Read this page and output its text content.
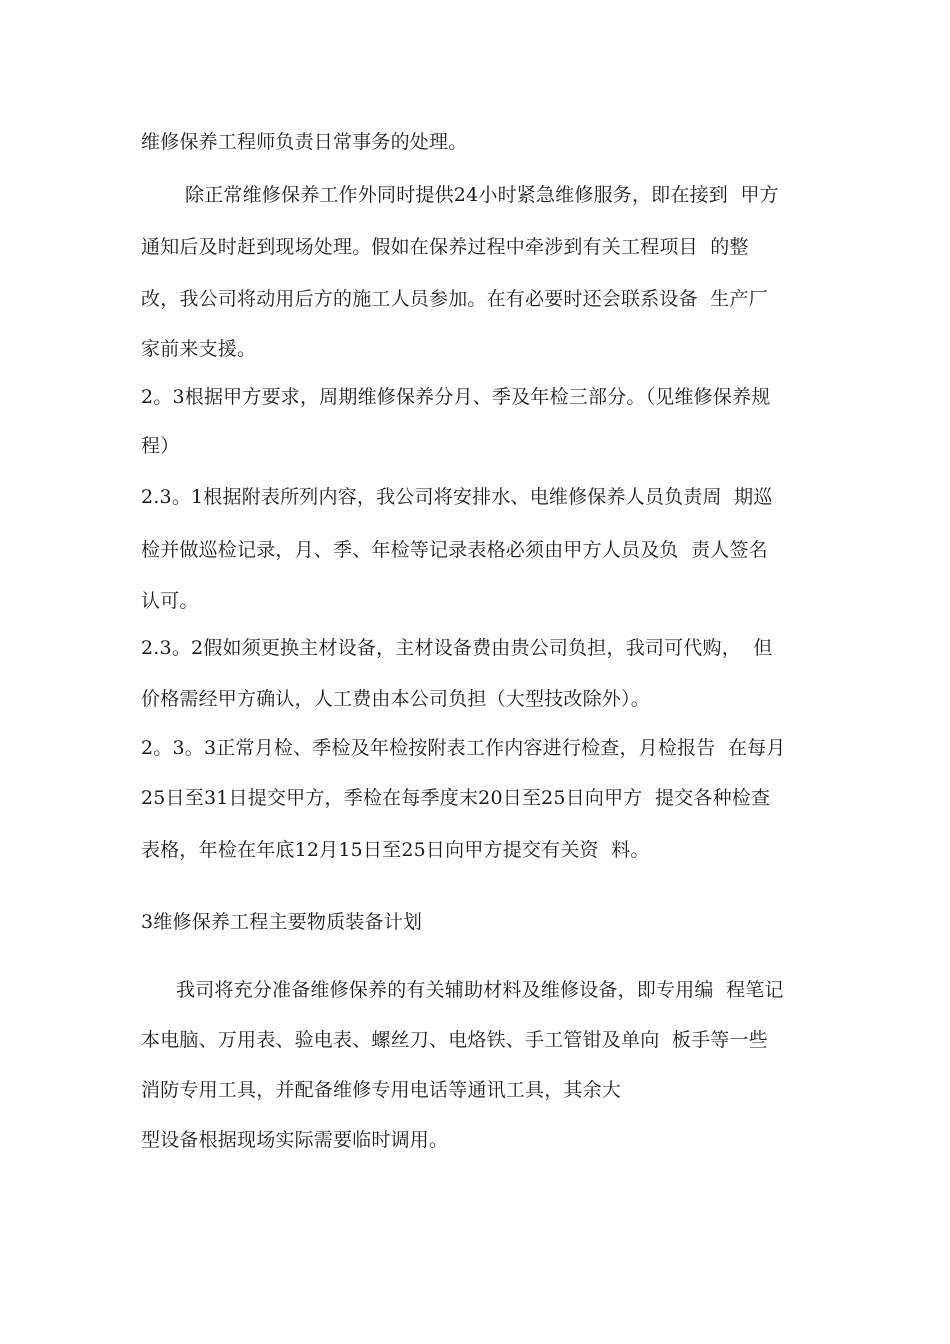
维修保养工程师负责日常事务的处理。
除正常维修保养工作外同时提供24小时紧急维修服务，即在接到  甲方
通知后及时赶到现场处理。假如在保养过程中牵涉到有关工程项目  的整
改，我公司将动用后方的施工人员参加。在有必要时还会联系设备  生产厂
家前来支援。
2。3根据甲方要求，周期维修保养分月、季及年检三部分。（见维修保养规
程）
2.3。1根据附表所列内容，我公司将安排水、电维修保养人员负责周  期巡
检并做巡检记录，月、季、年检等记录表格必须由甲方人员及负  责人签名
认可。
2.3。2假如须更换主材设备，主材设备费由贵公司负担，我司可代购，  但
价格需经甲方确认，人工费由本公司负担（大型技改除外）。
2。3。3正常月检、季检及年检按附表工作内容进行检查，月检报告  在每月
25日至31日提交甲方，季检在每季度末20日至25日向甲方  提交各种检查
表格，年检在年底12月15日至25日向甲方提交有关资  料。
3维修保养工程主要物质装备计划
我司将充分准备维修保养的有关辅助材料及维修设备，即专用编  程笔记
本电脑、万用表、验电表、螺丝刀、电烙铁、手工管钳及单向  板手等一些
消防专用工具，并配备维修专用电话等通讯工具，其余大
型设备根据现场实际需要临时调用。
